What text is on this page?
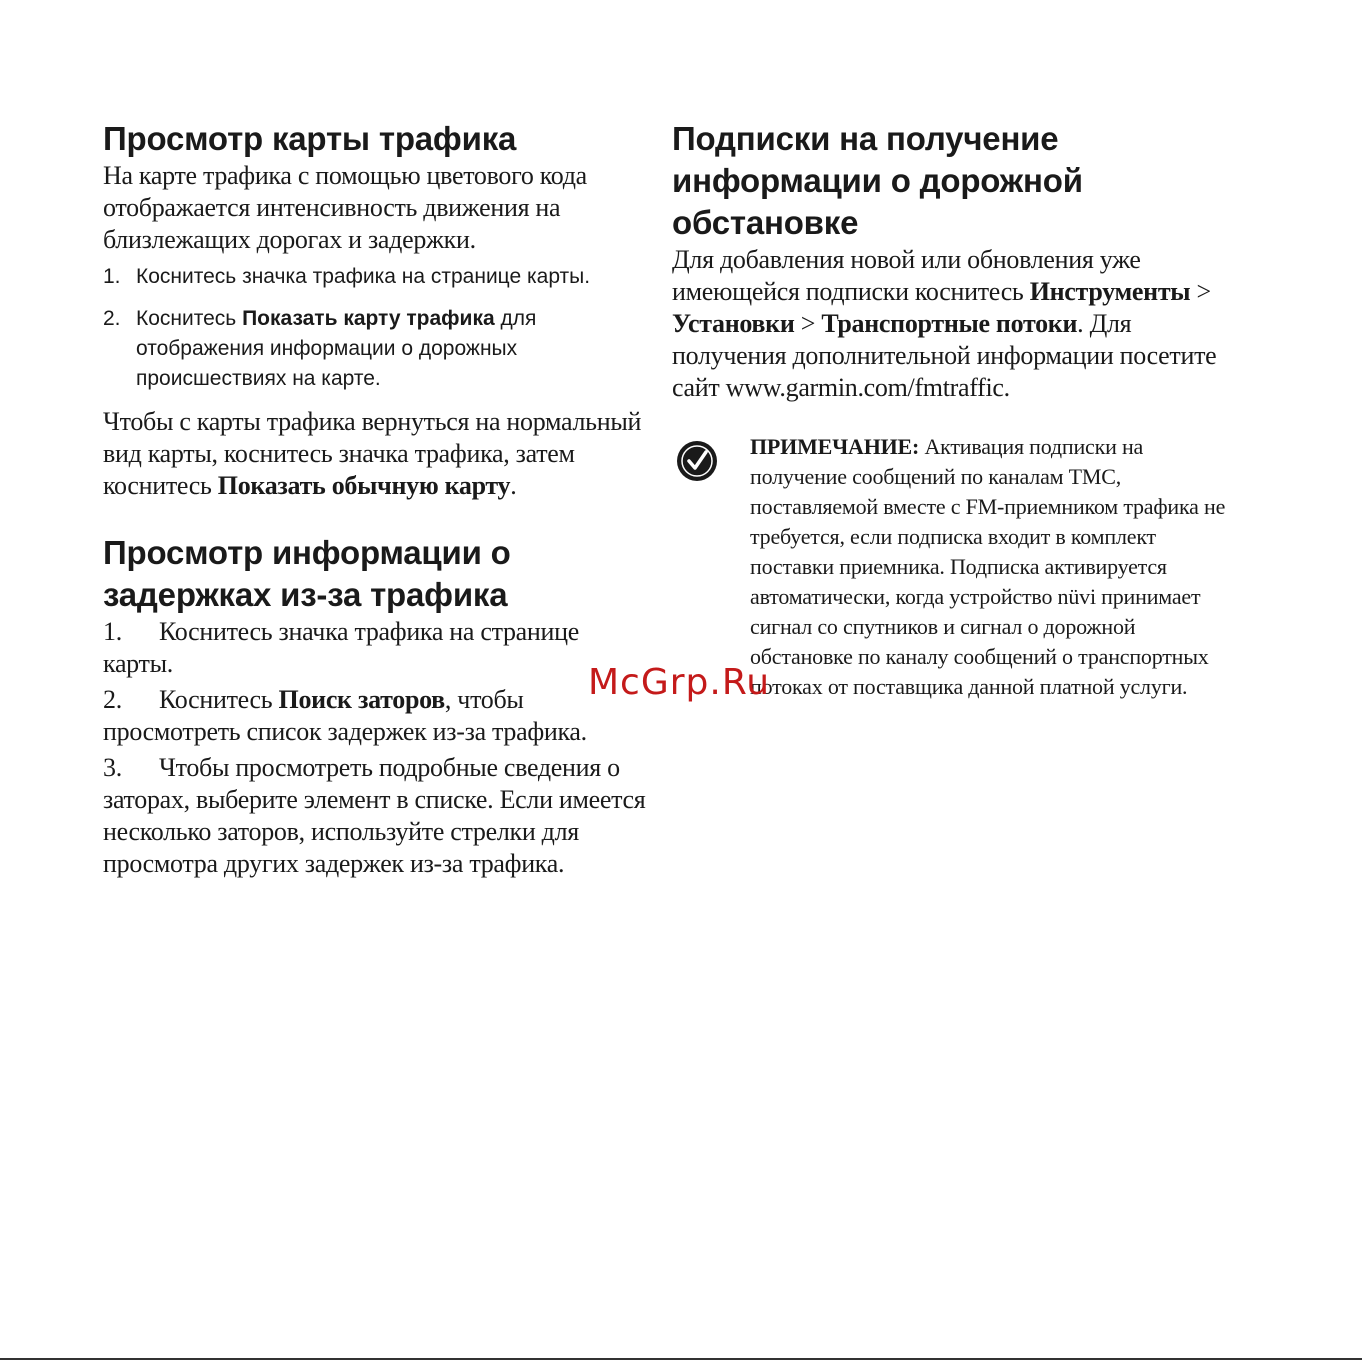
Просмотр карты трафика

На карте трафика с помощью цветового кода отображается интенсивность движения на близлежащих дорогах и задержки.

1. Коснитесь значка трафика на странице карты.
2. Коснитесь Показать карту трафика для отображения информации о дорожных происшествиях на карте.

Чтобы с карты трафика вернуться на нормальный вид карты, коснитесь значка трафика, затем коснитесь Показать обычную карту.

Просмотр информации о задержках из-за трафика

1. Коснитесь значка трафика на странице карты.

2. Коснитесь Поиск заторов, чтобы просмотреть список задержек из-за трафика.

3. Чтобы просмотреть подробные сведения о заторах, выберите элемент в списке. Если имеется несколько заторов, используйте стрелки для просмотра других задержек из-за трафика.

Подписки на получение информации о дорожной обстановке

Для добавления новой или обновления уже имеющейся подписки коснитесь Инструменты > Установки > Транспортные потоки. Для получения дополнительной информации посетите сайт www.garmin.com/fmtraffic.

ПРИМЕЧАНИЕ: Активация подписки на получение сообщений по каналам TMC, поставляемой вместе с FM-приемником трафика не требуется, если подписка входит в комплект поставки приемника. Подписка активируется автоматически, когда устройство nüvi принимает сигнал со спутников и сигнал о дорожной обстановке по каналу сообщений о транспортных потоках от поставщика данной платной услуги.
McGrp.Ru
